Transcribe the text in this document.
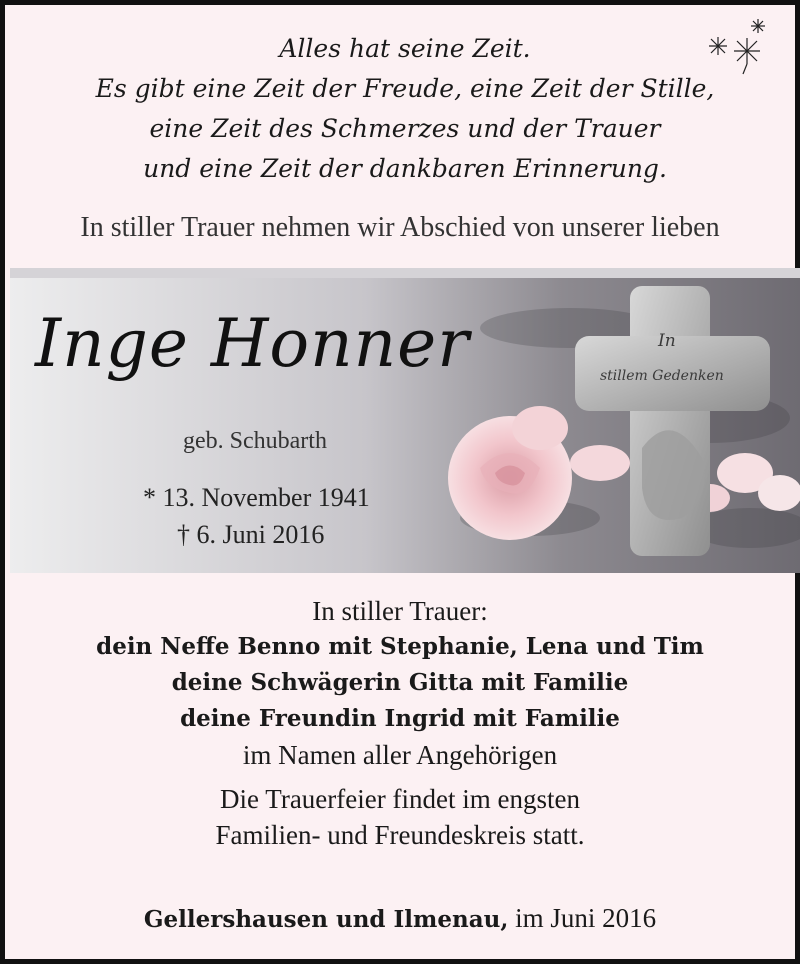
Alles hat seine Zeit.
Es gibt eine Zeit der Freude, eine Zeit der Stille,
eine Zeit des Schmerzes und der Trauer
und eine Zeit der dankbaren Erinnerung.
In stiller Trauer nehmen wir Abschied von unserer lieben
In
stillem Gedenken
Inge Honner
geb. Schubarth
* 13. November 1941
† 6. Juni 2016
In stiller Trauer:
dein Neffe Benno mit Stephanie, Lena und Tim
deine Schwägerin Gitta mit Familie
deine Freundin Ingrid mit Familie
im Namen aller Angehörigen
Die Trauerfeier findet im engsten
Familien- und Freundeskreis statt.
Gellershausen und Ilmenau, im Juni 2016
